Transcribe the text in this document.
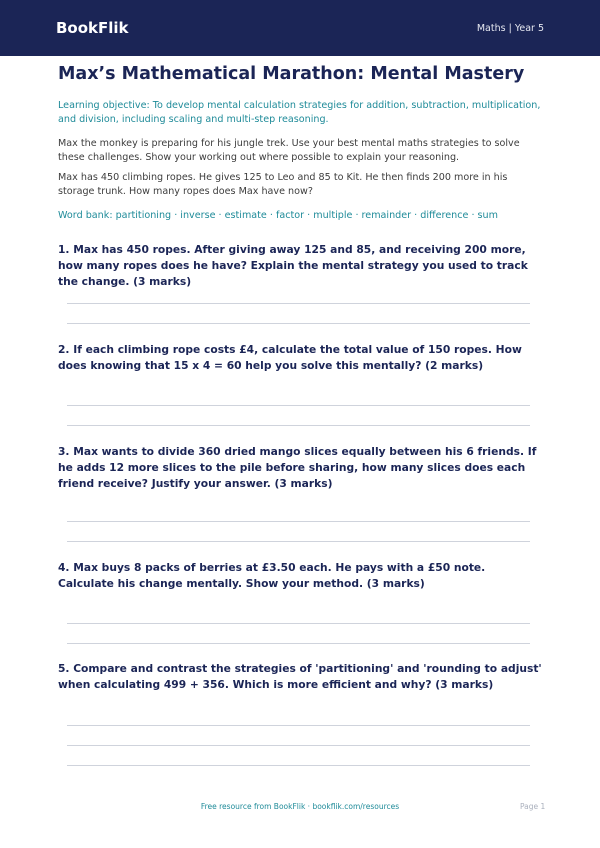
BookFlik	Maths | Year 5
Max’s Mathematical Marathon: Mental Mastery

Learning objective: To develop mental calculation strategies for addition, subtraction, multiplication, and division, including scaling and multi-step reasoning.

Max the monkey is preparing for his jungle trek. Use your best mental maths strategies to solve these challenges. Show your working out where possible to explain your reasoning.

Max has 450 climbing ropes. He gives 125 to Leo and 85 to Kit. He then finds 200 more in his storage trunk. How many ropes does Max have now?

Word bank: partitioning · inverse · estimate · factor · multiple · remainder · difference · sum

1. Max has 450 ropes. After giving away 125 and 85, and receiving 200 more, how many ropes does he have? Explain the mental strategy you used to track the change. (3 marks)

2. If each climbing rope costs £4, calculate the total value of 150 ropes. How does knowing that 15 x 4 = 60 help you solve this mentally? (2 marks)

3. Max wants to divide 360 dried mango slices equally between his 6 friends. If he adds 12 more slices to the pile before sharing, how many slices does each friend receive? Justify your answer. (3 marks)

4. Max buys 8 packs of berries at £3.50 each. He pays with a £50 note. Calculate his change mentally. Show your method. (3 marks)

5. Compare and contrast the strategies of 'partitioning' and 'rounding to adjust' when calculating 499 + 356. Which is more efficient and why? (3 marks)

Free resource from BookFlik · bookflik.com/resources	Page 1
